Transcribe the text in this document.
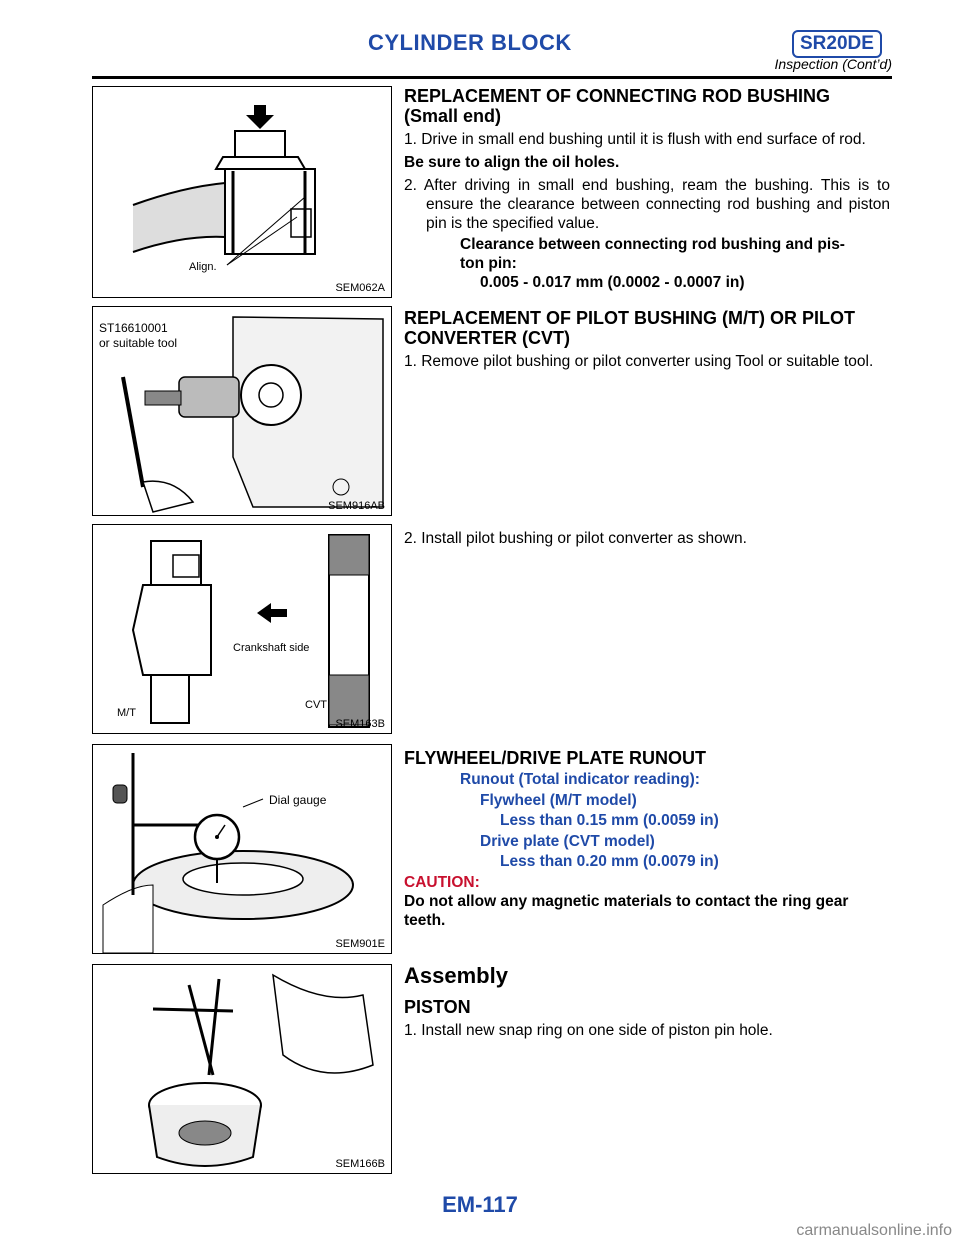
CYLINDER BLOCK	SR20DE
Inspection (Cont’d)
Align.
SEM062A
ST16610001
or suitable tool
SEM916AB
Crankshaft side
M/T
CVT
SEM163B
Dial gauge
SEM901E
SEM166B
REPLACEMENT OF CONNECTING ROD BUSHING
(Small end)
1. Drive in small end bushing until it is flush with end surface of rod.
Be sure to align the oil holes.
2. After driving in small end bushing, ream the bushing. This is to ensure the clearance between connecting rod bushing and piston pin is the specified value.
Clearance between connecting rod bushing and pis-
ton pin:
0.005 - 0.017 mm (0.0002 - 0.0007 in)
REPLACEMENT OF PILOT BUSHING (M/T) OR PILOT
CONVERTER (CVT)
1. Remove pilot bushing or pilot converter using Tool or suitable tool.
2. Install pilot bushing or pilot converter as shown.
FLYWHEEL/DRIVE PLATE RUNOUT
Runout (Total indicator reading):
Flywheel (M/T model)
Less than 0.15 mm (0.0059 in)
Drive plate (CVT model)
Less than 0.20 mm (0.0079 in)
CAUTION:
Do not allow any magnetic materials to contact the ring gear teeth.
Assembly
PISTON
1. Install new snap ring on one side of piston pin hole.
EM-117
carmanualsonline.info
